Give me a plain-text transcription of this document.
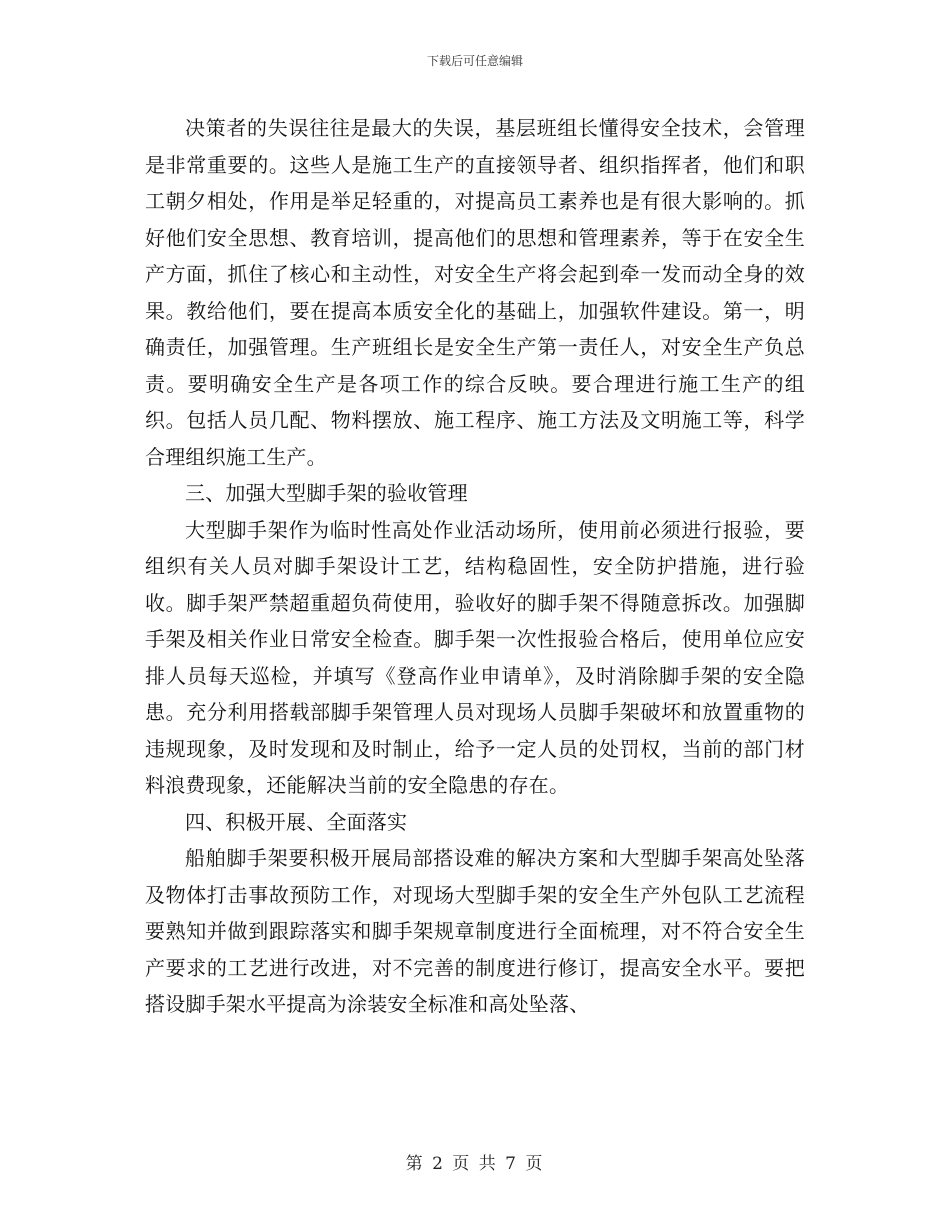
下载后可任意编辑

决策者的失误往往是最大的失误，基层班组长懂得安全技术，会管理是非常重要的。这些人是施工生产的直接领导者、组织指挥者，他们和职工朝夕相处，作用是举足轻重的，对提高员工素养也是有很大影响的。抓好他们安全思想、教育培训，提高他们的思想和管理素养，等于在安全生产方面，抓住了核心和主动性，对安全生产将会起到牵一发而动全身的效果。教给他们，要在提高本质安全化的基础上，加强软件建设。第一，明确责任，加强管理。生产班组长是安全生产第一责任人，对安全生产负总责。要明确安全生产是各项工作的综合反映。要合理进行施工生产的组织。包括人员几配、物料摆放、施工程序、施工方法及文明施工等，科学合理组织施工生产。

三、加强大型脚手架的验收管理

大型脚手架作为临时性高处作业活动场所，使用前必须进行报验，要组织有关人员对脚手架设计工艺，结构稳固性，安全防护措施，进行验收。脚手架严禁超重超负荷使用，验收好的脚手架不得随意拆改。加强脚手架及相关作业日常安全检查。脚手架一次性报验合格后，使用单位应安排人员每天巡检，并填写《登高作业申请单》，及时消除脚手架的安全隐患。充分利用搭载部脚手架管理人员对现场人员脚手架破坏和放置重物的违规现象，及时发现和及时制止，给予一定人员的处罚权，当前的部门材料浪费现象，还能解决当前的安全隐患的存在。

四、积极开展、全面落实

船舶脚手架要积极开展局部搭设难的解决方案和大型脚手架高处坠落及物体打击事故预防工作，对现场大型脚手架的安全生产外包队工艺流程要熟知并做到跟踪落实和脚手架规章制度进行全面梳理，对不符合安全生产要求的工艺进行改进，对不完善的制度进行修订，提高安全水平。要把搭设脚手架水平提高为涂装安全标准和高处坠落、

第 2 页 共 7 页
